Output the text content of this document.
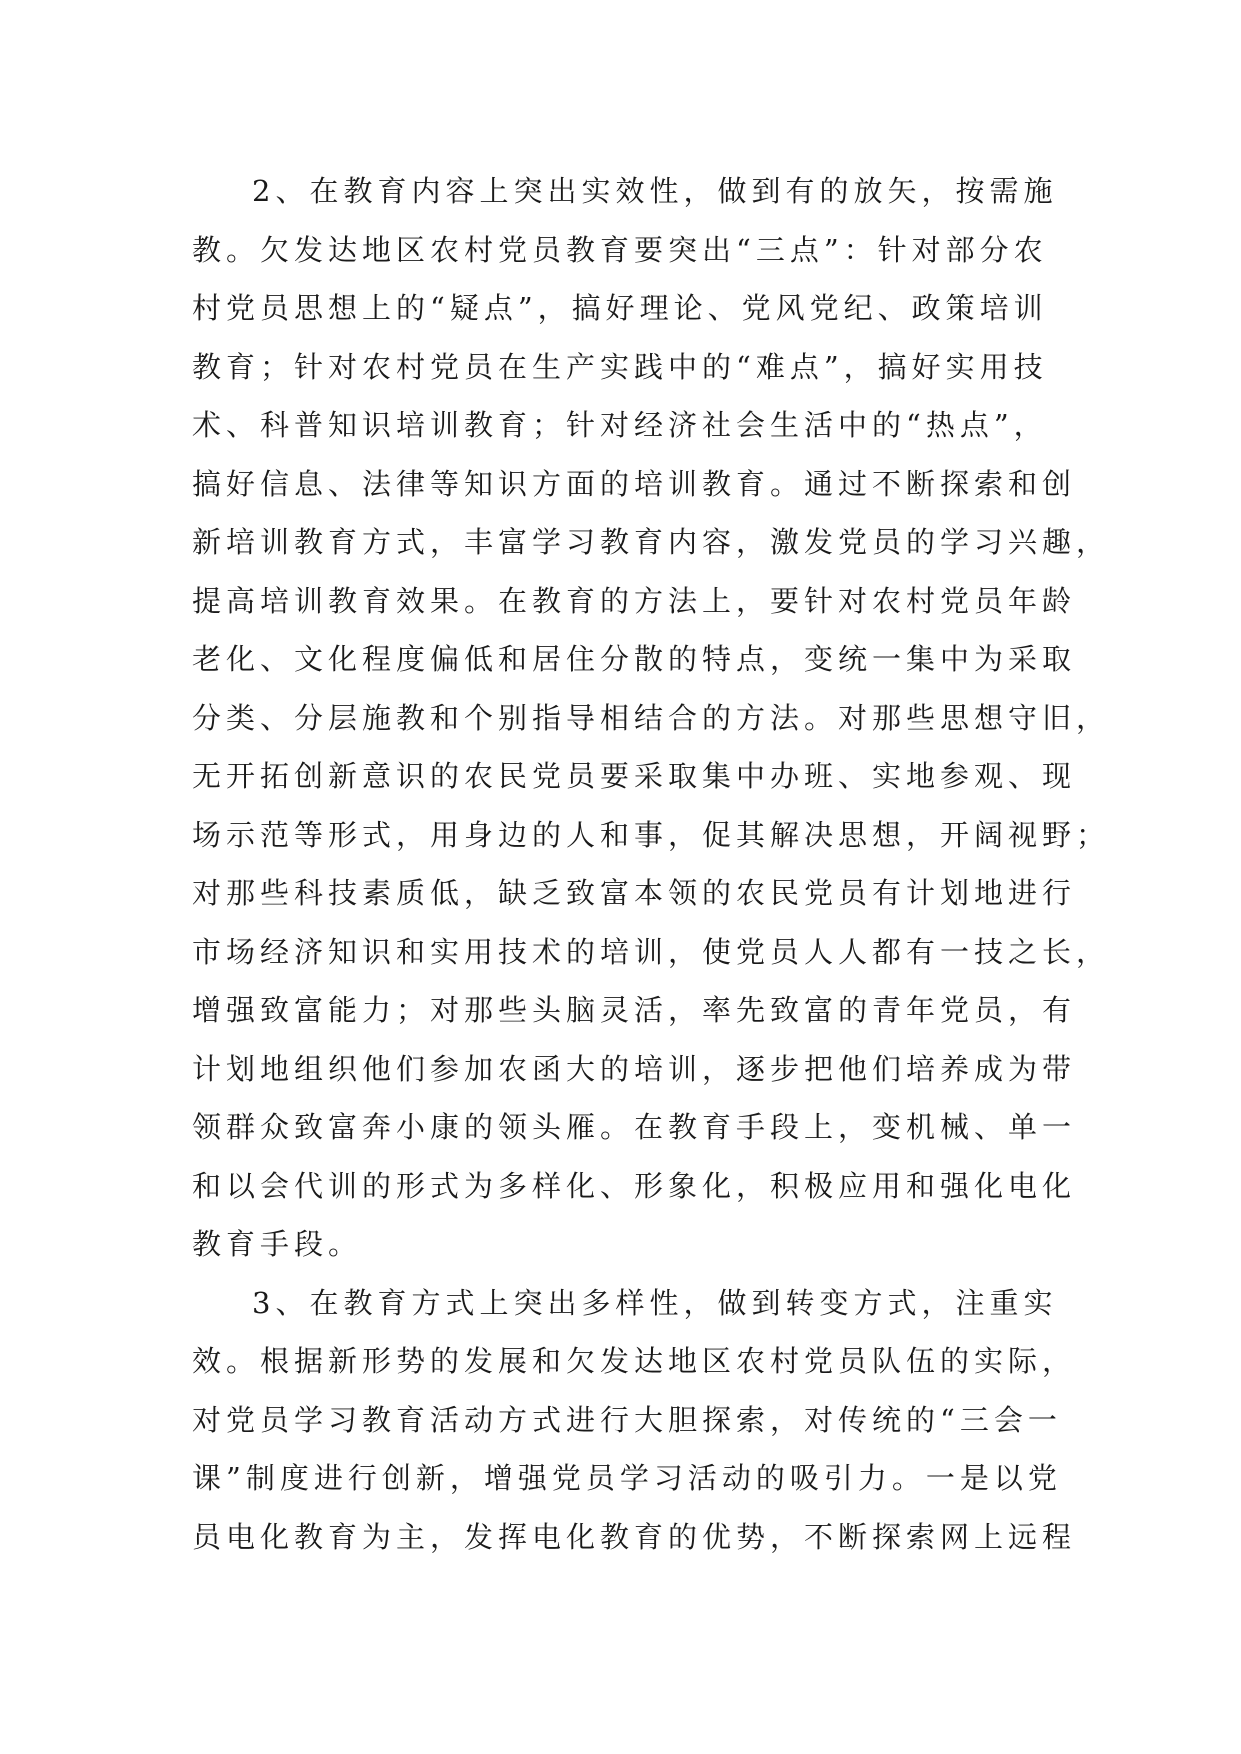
2、在教育内容上突出实效性，做到有的放矢，按需施
教。欠发达地区农村党员教育要突出“三点”：针对部分农
村党员思想上的“疑点”，搞好理论、党风党纪、政策培训
教育；针对农村党员在生产实践中的“难点”，搞好实用技
术、科普知识培训教育；针对经济社会生活中的“热点”，
搞好信息、法律等知识方面的培训教育。通过不断探索和创
新培训教育方式，丰富学习教育内容，激发党员的学习兴趣，
提高培训教育效果。在教育的方法上，要针对农村党员年龄
老化、文化程度偏低和居住分散的特点，变统一集中为采取
分类、分层施教和个别指导相结合的方法。对那些思想守旧，
无开拓创新意识的农民党员要采取集中办班、实地参观、现
场示范等形式，用身边的人和事，促其解决思想，开阔视野；
对那些科技素质低，缺乏致富本领的农民党员有计划地进行
市场经济知识和实用技术的培训，使党员人人都有一技之长，
增强致富能力；对那些头脑灵活，率先致富的青年党员，有
计划地组织他们参加农函大的培训，逐步把他们培养成为带
领群众致富奔小康的领头雁。在教育手段上，变机械、单一
和以会代训的形式为多样化、形象化，积极应用和强化电化
教育手段。
3、在教育方式上突出多样性，做到转变方式，注重实
效。根据新形势的发展和欠发达地区农村党员队伍的实际，
对党员学习教育活动方式进行大胆探索，对传统的“三会一
课”制度进行创新，增强党员学习活动的吸引力。一是以党
员电化教育为主，发挥电化教育的优势，不断探索网上远程
